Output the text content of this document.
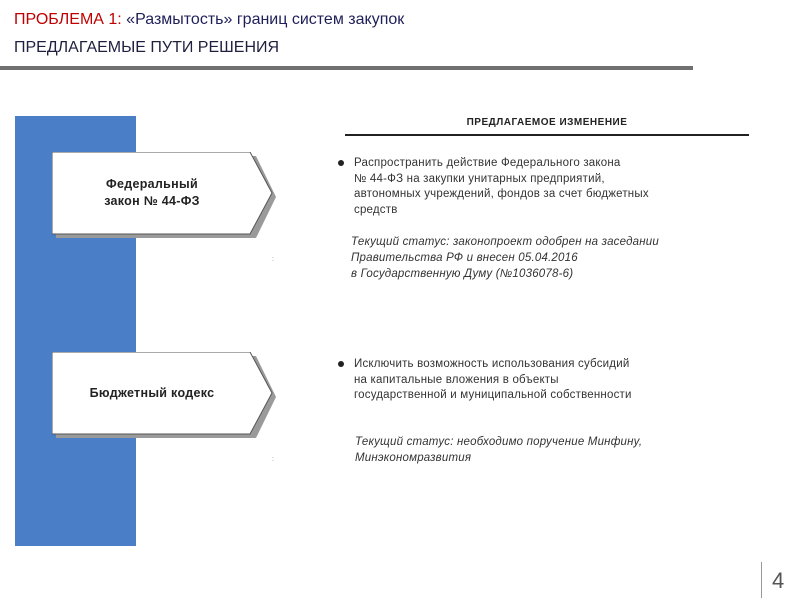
ПРОБЛЕМА 1: «Размытость» границ систем закупок
ПРЕДЛАГАЕМЫЕ ПУТИ РЕШЕНИЯ
Федеральный закон № 44-ФЗ
Бюджетный кодекс
:
:
ПРЕДЛАГАЕМОЕ ИЗМЕНЕНИЕ
Распространить действие Федерального закона
№ 44-ФЗ на закупки унитарных предприятий,
автономных учреждений, фондов за счет бюджетных
средств
Текущий статус: законопроект одобрен на заседании
Правительства РФ и внесен 05.04.2016
в Государственную Думу (№1036078-6)
Исключить возможность использования субсидий
на капитальные вложения в объекты
государственной и муниципальной собственности
Текущий статус: необходимо поручение Минфину,
Минэкономразвития
4
